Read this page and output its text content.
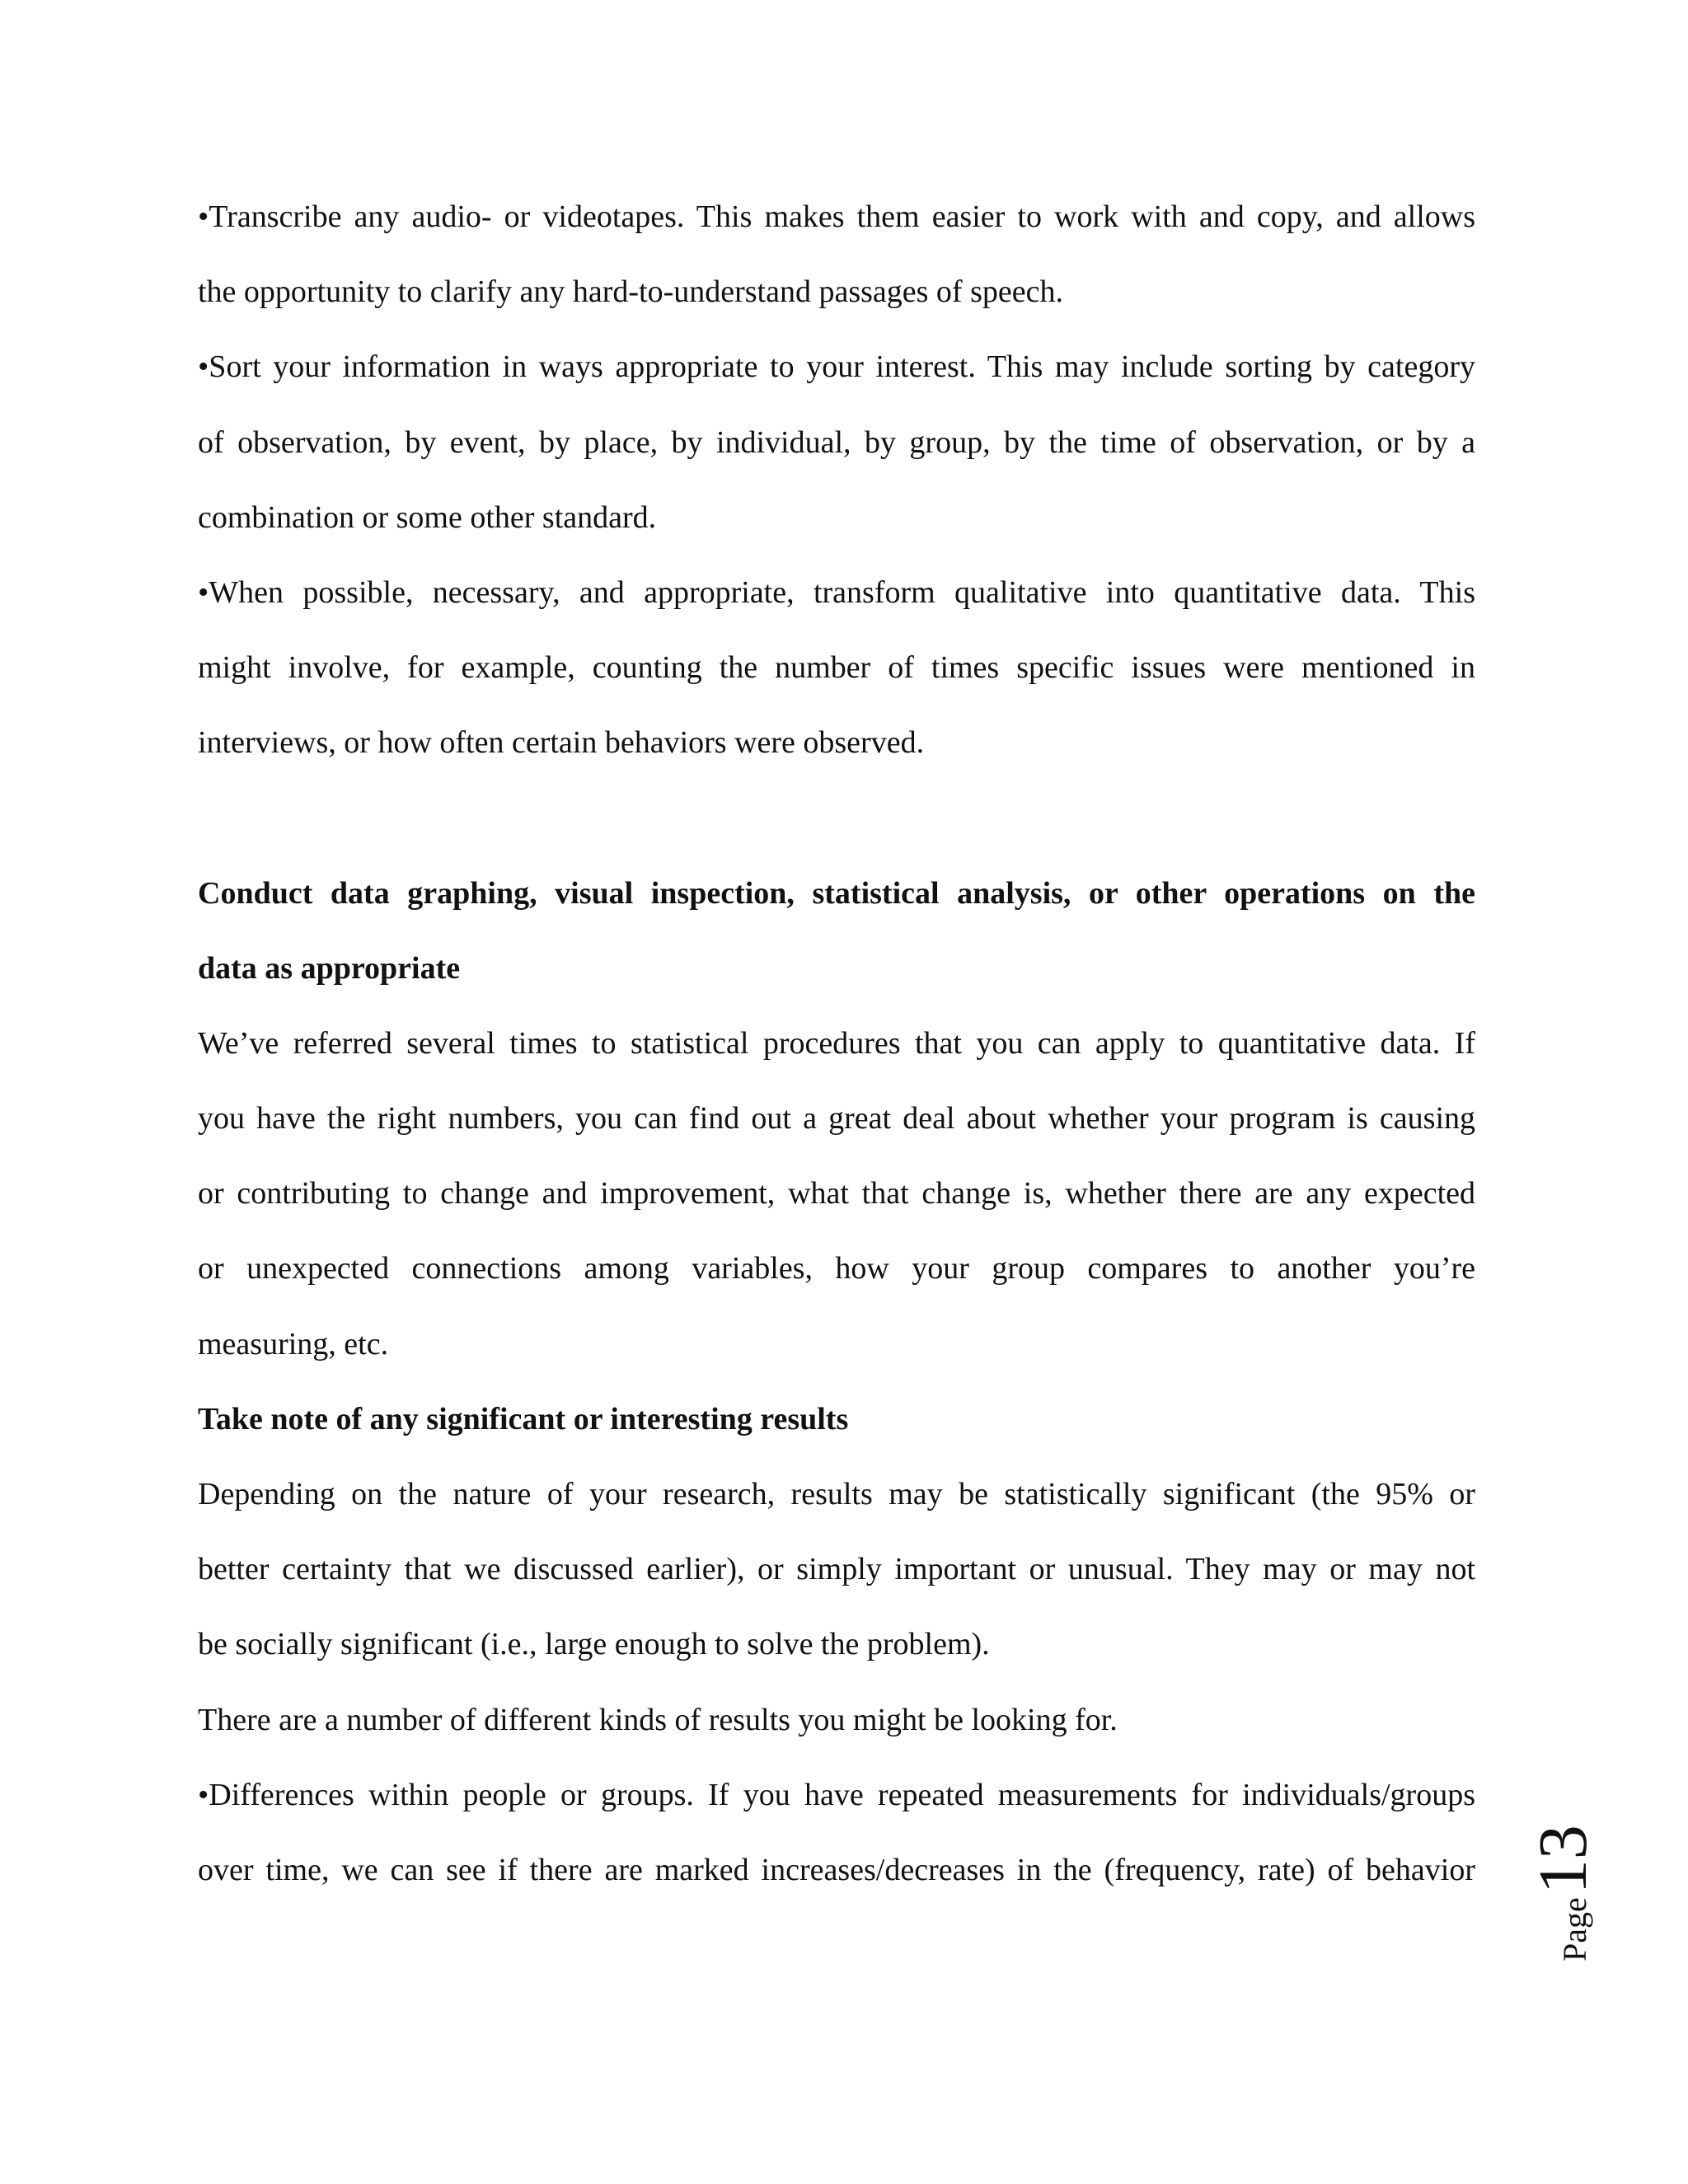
•Transcribe any audio- or videotapes. This makes them easier to work with and copy, and allows
the opportunity to clarify any hard-to-understand passages of speech.
•Sort your information in ways appropriate to your interest. This may include sorting by category
of observation, by event, by place, by individual, by group, by the time of observation, or by a
combination or some other standard.
•When possible, necessary, and appropriate, transform qualitative into quantitative data. This
might involve, for example, counting the number of times specific issues were mentioned in
interviews, or how often certain behaviors were observed.
Conduct data graphing, visual inspection, statistical analysis, or other operations on the
data as appropriate
We’ve referred several times to statistical procedures that you can apply to quantitative data. If
you have the right numbers, you can find out a great deal about whether your program is causing
or contributing to change and improvement, what that change is, whether there are any expected
or unexpected connections among variables, how your group compares to another you’re
measuring, etc.
Take note of any significant or interesting results
Depending on the nature of your research, results may be statistically significant (the 95% or
better certainty that we discussed earlier), or simply important or unusual. They may or may not
be socially significant (i.e., large enough to solve the problem).
There are a number of different kinds of results you might be looking for.
•Differences within people or groups. If you have repeated measurements for individuals/groups
over time, we can see if there are marked increases/decreases in the (frequency, rate) of behavior
Page
13
